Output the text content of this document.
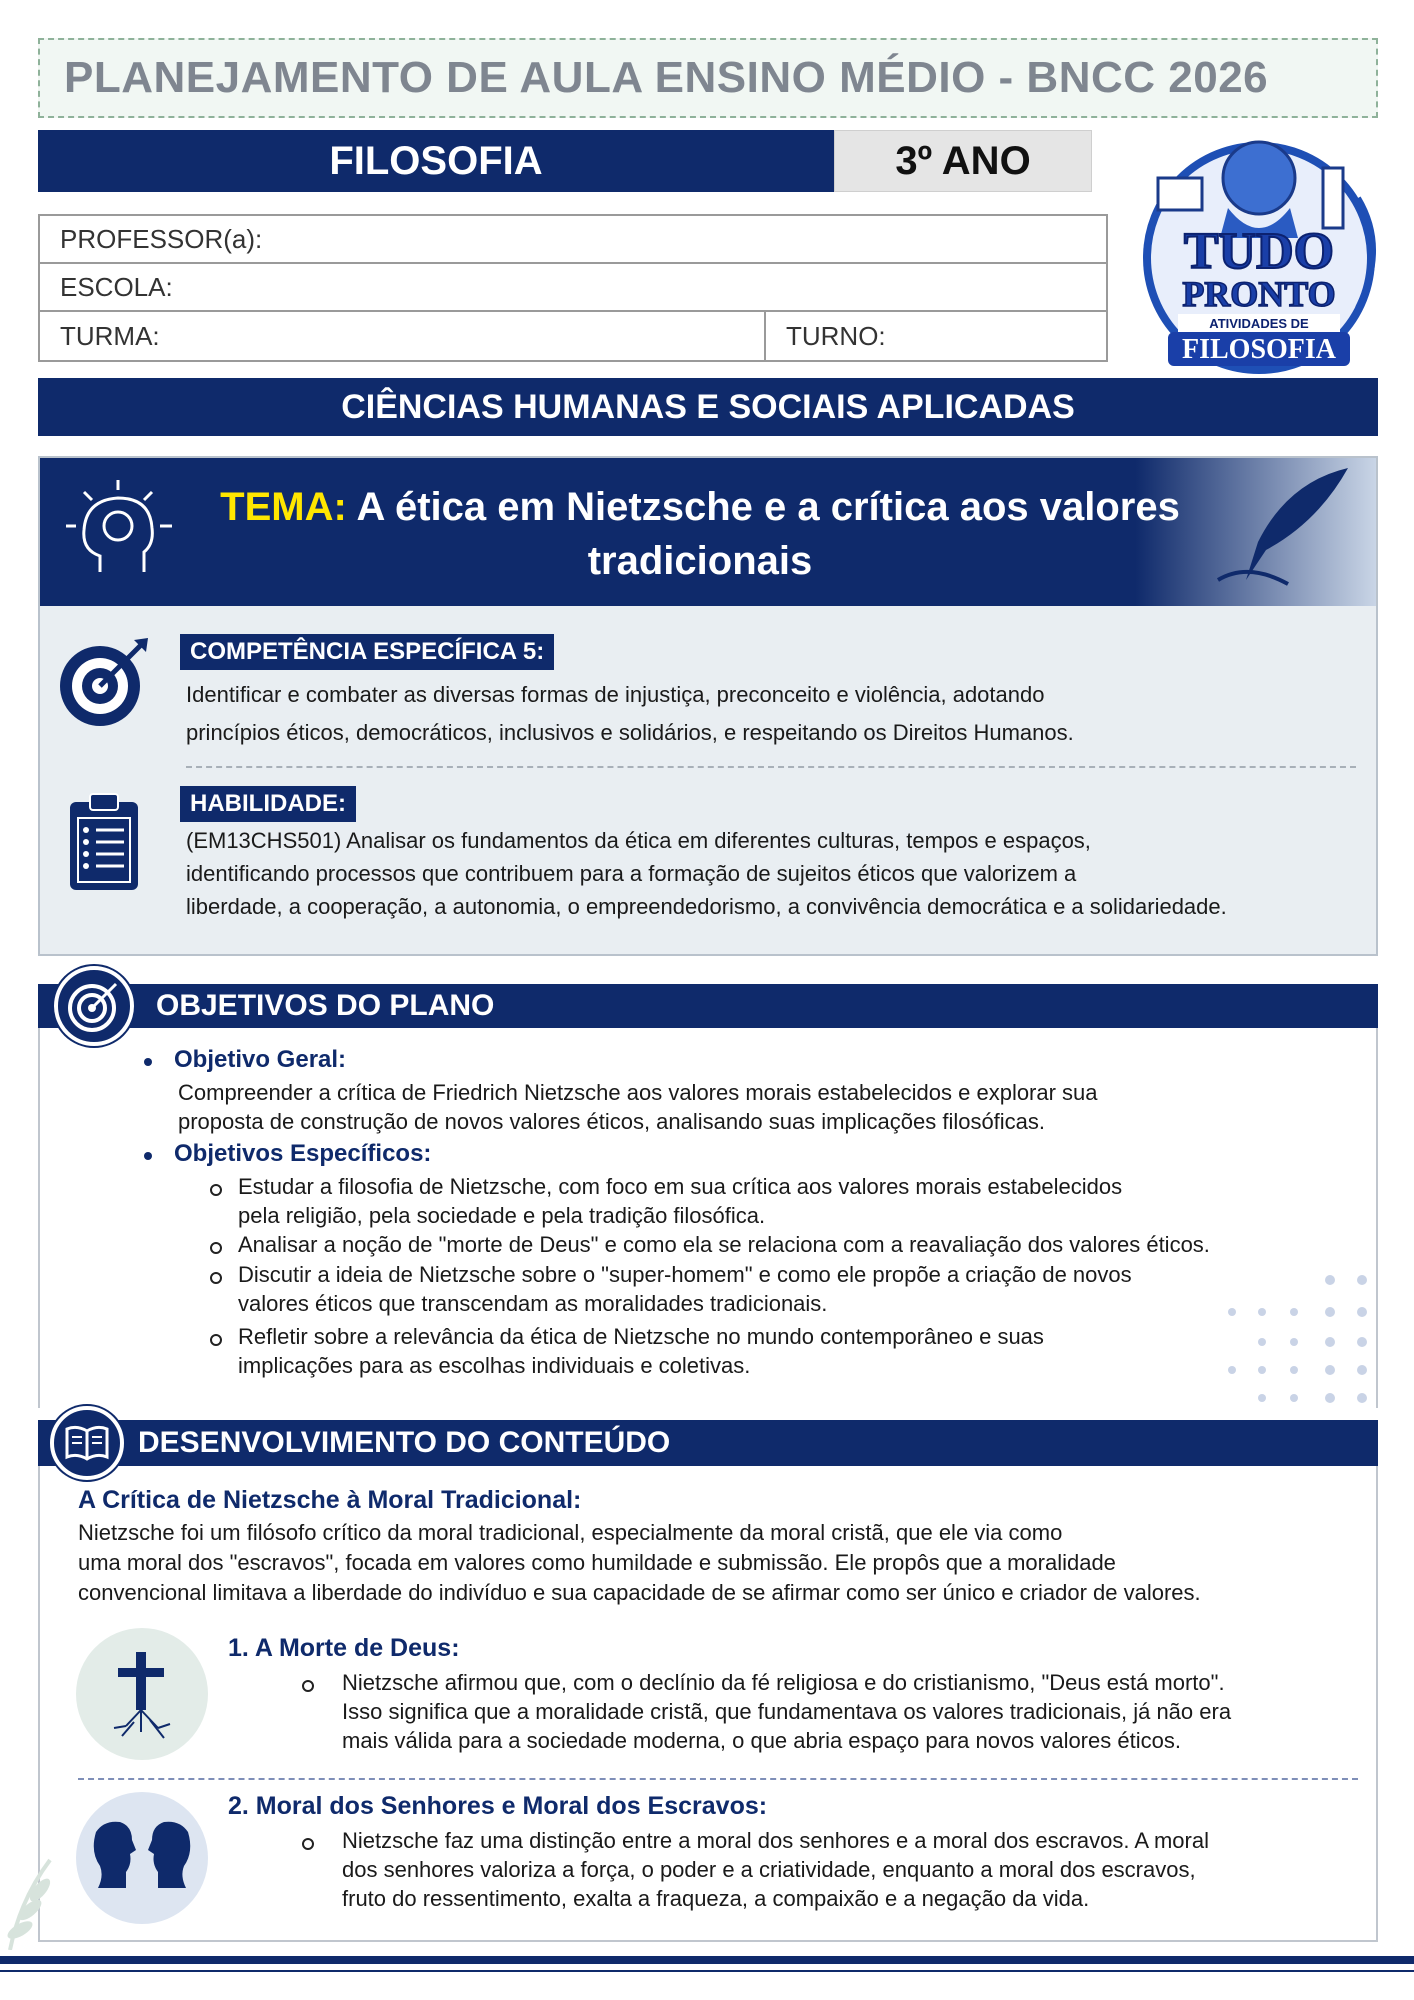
PLANEJAMENTO DE AULA ENSINO MÉDIO - BNCC 2026
FILOSOFIA	3º ANO
PROFESSOR(a):
ESCOLA:
TURMA:	TURNO:
TUDO
PRONTO
ATIVIDADES DE
FILOSOFIA
CIÊNCIAS HUMANAS E SOCIAIS APLICADAS
TEMA: A ética em Nietzsche e a crítica aos valores
tradicionais
COMPETÊNCIA ESPECÍFICA 5:
Identificar e combater as diversas formas de injustiça, preconceito e violência, adotando
princípios éticos, democráticos, inclusivos e solidários, e respeitando os Direitos Humanos.
HABILIDADE:
(EM13CHS501) Analisar os fundamentos da ética em diferentes culturas, tempos e espaços,
identificando processos que contribuem para a formação de sujeitos éticos que valorizem a
liberdade, a cooperação, a autonomia, o empreendedorismo, a convivência democrática e a solidariedade.
OBJETIVOS DO PLANO
Objetivo Geral:
Compreender a crítica de Friedrich Nietzsche aos valores morais estabelecidos e explorar sua
proposta de construção de novos valores éticos, analisando suas implicações filosóficas.
Objetivos Específicos:
Estudar a filosofia de Nietzsche, com foco em sua crítica aos valores morais estabelecidos
pela religião, pela sociedade e pela tradição filosófica.
Analisar a noção de "morte de Deus" e como ela se relaciona com a reavaliação dos valores éticos.
Discutir a ideia de Nietzsche sobre o "super-homem" e como ele propõe a criação de novos
valores éticos que transcendam as moralidades tradicionais.
Refletir sobre a relevância da ética de Nietzsche no mundo contemporâneo e suas
implicações para as escolhas individuais e coletivas.
DESENVOLVIMENTO DO CONTEÚDO
A Crítica de Nietzsche à Moral Tradicional:
Nietzsche foi um filósofo crítico da moral tradicional, especialmente da moral cristã, que ele via como
uma moral dos "escravos", focada em valores como humildade e submissão. Ele propôs que a moralidade
convencional limitava a liberdade do indivíduo e sua capacidade de se afirmar como ser único e criador de valores.
1. A Morte de Deus:
Nietzsche afirmou que, com o declínio da fé religiosa e do cristianismo, "Deus está morto".
Isso significa que a moralidade cristã, que fundamentava os valores tradicionais, já não era
mais válida para a sociedade moderna, o que abria espaço para novos valores éticos.
2. Moral dos Senhores e Moral dos Escravos:
Nietzsche faz uma distinção entre a moral dos senhores e a moral dos escravos. A moral
dos senhores valoriza a força, o poder e a criatividade, enquanto a moral dos escravos,
fruto do ressentimento, exalta a fraqueza, a compaixão e a negação da vida.
